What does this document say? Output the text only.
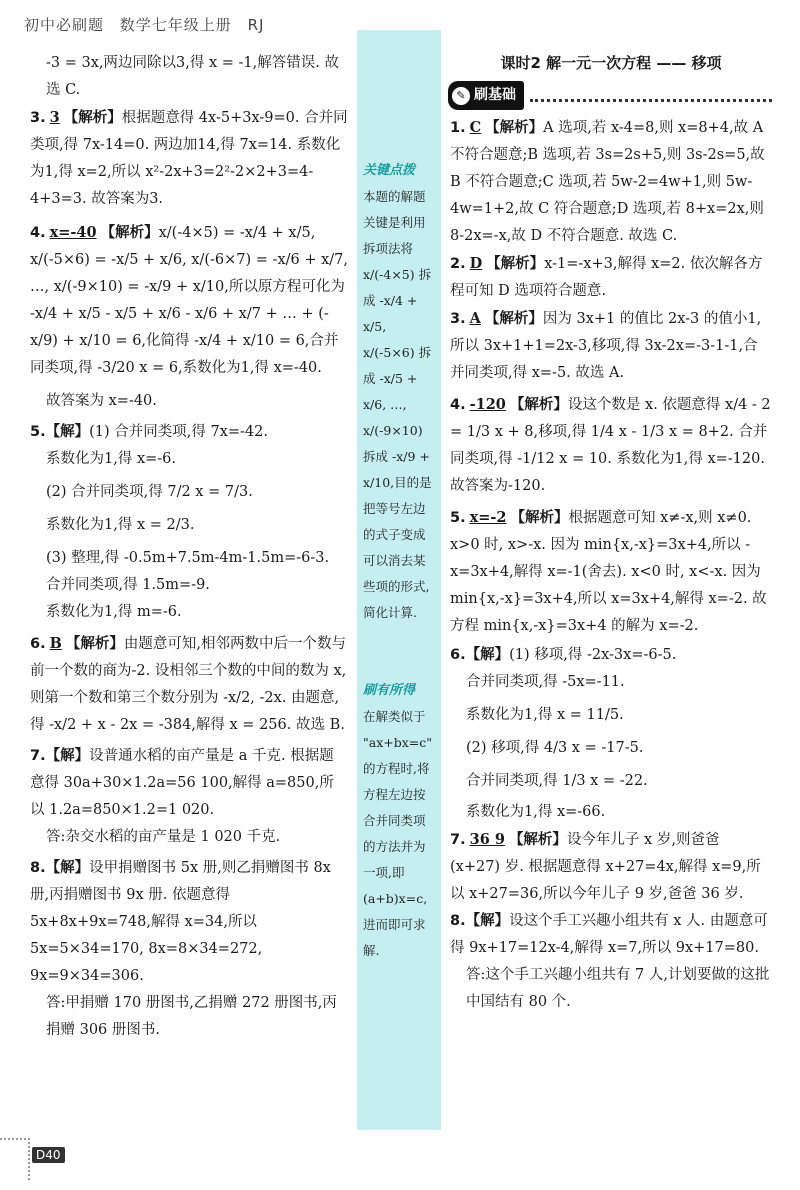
初中必刷题 数学七年级上册 RJ

-3 = 3x,两边同除以3,得 x = -1,解答错误. 故选 C.

3. 3 【解析】根据题意得 4x-5+3x-9=0. 合并同类项,得 7x-14=0. 两边加14,得 7x=14. 系数化为1,得 x=2,所以 x²-2x+3=2²-2×2+3=4-4+3=3. 故答案为3.

4. x=-40 【解析】x/(-4×5) = -x/4 + x/5, x/(-5×6) = -x/5 + x/6, x/(-6×7) = -x/6 + x/7, …, x/(-9×10) = -x/9 + x/10,所以原方程可化为 -x/4 + x/5 - x/5 + x/6 - x/6 + x/7 + … + (-x/9) + x/10 = 6,化简得 -x/4 + x/10 = 6,合并同类项,得 -3/20 x = 6,系数化为1,得 x=-40.

故答案为 x=-40.

5.【解】(1) 合并同类项,得 7x=-42.

系数化为1,得 x=-6.

(2) 合并同类项,得 7/2 x = 7/3.

系数化为1,得 x = 2/3.

(3) 整理,得 -0.5m+7.5m-4m-1.5m=-6-3.

合并同类项,得 1.5m=-9.

系数化为1,得 m=-6.

6. B 【解析】由题意可知,相邻两数中后一个数与前一个数的商为-2. 设相邻三个数的中间的数为 x,则第一个数和第三个数分别为 -x/2, -2x. 由题意,得 -x/2 + x - 2x = -384,解得 x = 256. 故选 B.

7.【解】设普通水稻的亩产量是 a 千克. 根据题意得 30a+30×1.2a=56 100,解得 a=850,所以 1.2a=850×1.2=1 020.

答:杂交水稻的亩产量是 1 020 千克.

8.【解】设甲捐赠图书 5x 册,则乙捐赠图书 8x 册,丙捐赠图书 9x 册. 依题意得 5x+8x+9x=748,解得 x=34,所以 5x=5×34=170, 8x=8×34=272, 9x=9×34=306.

答:甲捐赠 170 册图书,乙捐赠 272 册图书,丙捐赠 306 册图书.

关键点拨
本题的解题关键是利用拆项法将 x/(-4×5) 拆成 -x/4 + x/5, x/(-5×6) 拆成 -x/5 + x/6, …, x/(-9×10) 拆成 -x/9 + x/10,目的是把等号左边的式子变成可以消去某些项的形式,简化计算.
刷有所得
在解类似于 "ax+bx=c" 的方程时,将方程左边按合并同类项的方法并为一项,即 (a+b)x=c,进而即可求解.

课时2 解一元一次方程 —— 移项

✎ 刷基础

1. C 【解析】A 选项,若 x-4=8,则 x=8+4,故 A 不符合题意;B 选项,若 3s=2s+5,则 3s-2s=5,故 B 不符合题意;C 选项,若 5w-2=4w+1,则 5w-4w=1+2,故 C 符合题意;D 选项,若 8+x=2x,则 8-2x=-x,故 D 不符合题意. 故选 C.

2. D 【解析】x-1=-x+3,解得 x=2. 依次解各方程可知 D 选项符合题意.

3. A 【解析】因为 3x+1 的值比 2x-3 的值小1,所以 3x+1+1=2x-3,移项,得 3x-2x=-3-1-1,合并同类项,得 x=-5. 故选 A.

4. -120 【解析】设这个数是 x. 依题意得 x/4 - 2 = 1/3 x + 8,移项,得 1/4 x - 1/3 x = 8+2. 合并同类项,得 -1/12 x = 10. 系数化为1,得 x=-120. 故答案为-120.

5. x=-2 【解析】根据题意可知 x≠-x,则 x≠0. x>0 时, x>-x. 因为 min{x,-x}=3x+4,所以 -x=3x+4,解得 x=-1(舍去). x<0 时, x<-x. 因为 min{x,-x}=3x+4,所以 x=3x+4,解得 x=-2. 故方程 min{x,-x}=3x+4 的解为 x=-2.

6.【解】(1) 移项,得 -2x-3x=-6-5.

合并同类项,得 -5x=-11.

系数化为1,得 x = 11/5.

(2) 移项,得 4/3 x = -17-5.

合并同类项,得 1/3 x = -22.

系数化为1,得 x=-66.

7. 36 9 【解析】设今年儿子 x 岁,则爸爸 (x+27) 岁. 根据题意得 x+27=4x,解得 x=9,所以 x+27=36,所以今年儿子 9 岁,爸爸 36 岁.

8.【解】设这个手工兴趣小组共有 x 人. 由题意可得 9x+17=12x-4,解得 x=7,所以 9x+17=80.

答:这个手工兴趣小组共有 7 人,计划要做的这批中国结有 80 个.

D40
